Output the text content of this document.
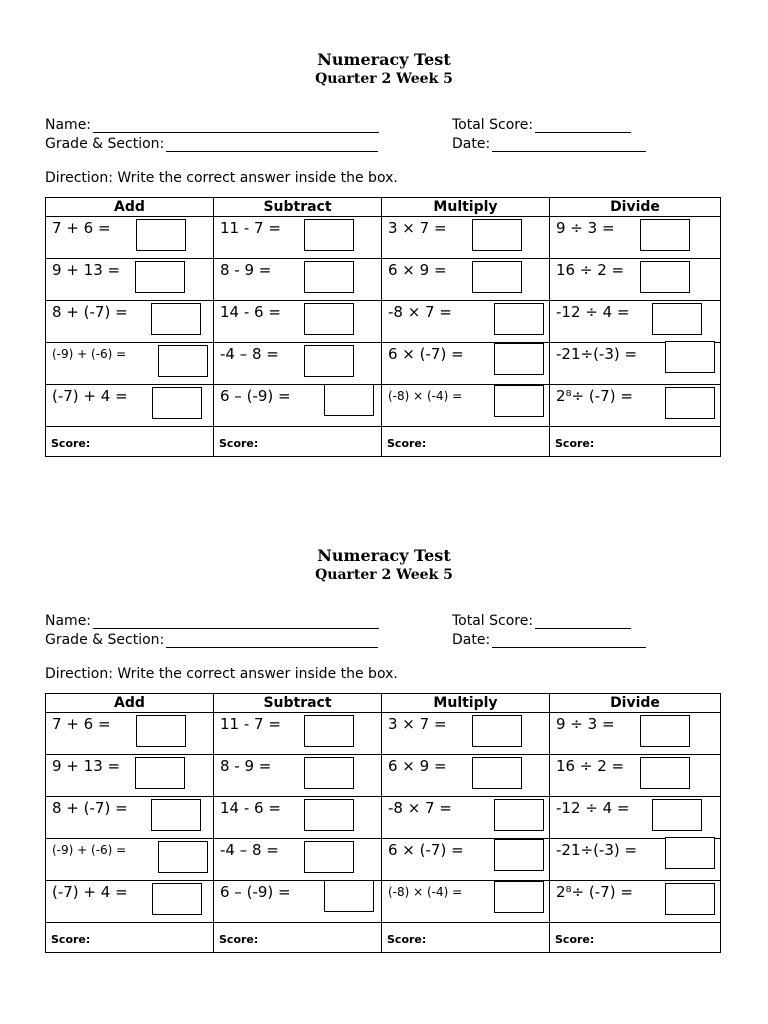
Numeracy Test
Quarter 2 Week 5
Name:
Grade & Section:
Total Score:
Date:
Direction: Write the correct answer inside the box.
Add	Subtract	Multiply	Divide

7 + 6 =	11 - 7 =	3 × 7 =	9 ÷ 3 =

9 + 13 =	8 - 9 =	6 × 9 =	16 ÷ 2 =

8 + (-7) =	14 - 6 =	-8 × 7 =	-12 ÷ 4 =

(-9) + (-6) =	-4 – 8 =	6 × (-7) =	-21÷(-3) =

(-7) + 4 =	6 – (-9) =	(-8) × (-4) =	2⁸÷ (-7) =

Score:	Score:	Score:	Score:
Numeracy Test
Quarter 2 Week 5
Name:
Grade & Section:
Total Score:
Date:
Direction: Write the correct answer inside the box.
Add	Subtract	Multiply	Divide

7 + 6 =	11 - 7 =	3 × 7 =	9 ÷ 3 =

9 + 13 =	8 - 9 =	6 × 9 =	16 ÷ 2 =

8 + (-7) =	14 - 6 =	-8 × 7 =	-12 ÷ 4 =

(-9) + (-6) =	-4 – 8 =	6 × (-7) =	-21÷(-3) =

(-7) + 4 =	6 – (-9) =	(-8) × (-4) =	2⁸÷ (-7) =

Score:	Score:	Score:	Score:
